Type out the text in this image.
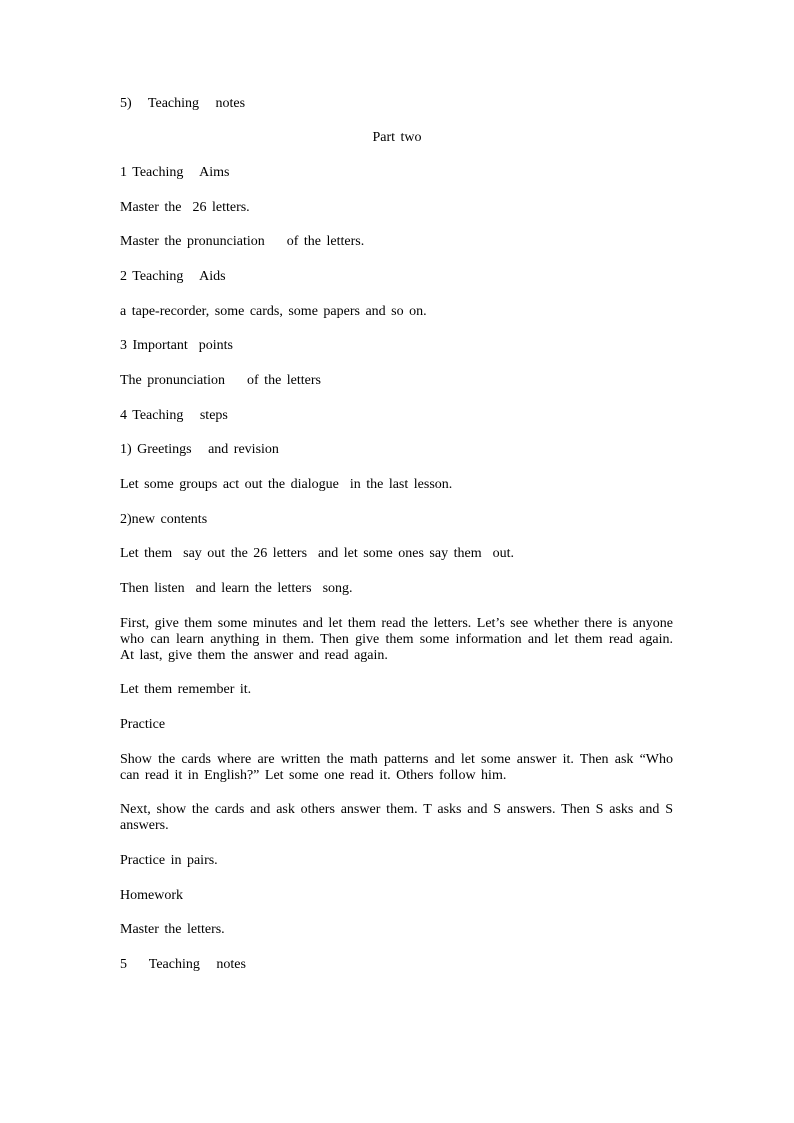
5)   Teaching   notes
Part two
1 Teaching   Aims
Master the  26 letters.
Master the pronunciation    of the letters.
2 Teaching   Aids
a tape-recorder, some cards, some papers and so on.
3 Important  points
The pronunciation    of the letters
4 Teaching   steps
1) Greetings   and revision
Let some groups act out the dialogue  in the last lesson.
2)new contents
Let them  say out the 26 letters  and let some ones say them  out.
Then listen  and learn the letters  song.
First, give them some minutes and let them read the letters. Let’s see whether there is anyone who can learn anything in them. Then give them some information and let them read again. At last, give them the answer and read again.
Let them remember it.
Practice
Show the cards where are written the math patterns and let some answer it. Then ask “Who can read it in English?” Let some one read it. Others follow him.
Next, show the cards and ask others answer them. T asks and S answers. Then S asks and S answers.
Practice in pairs.
Homework
Master the letters.
5    Teaching   notes
